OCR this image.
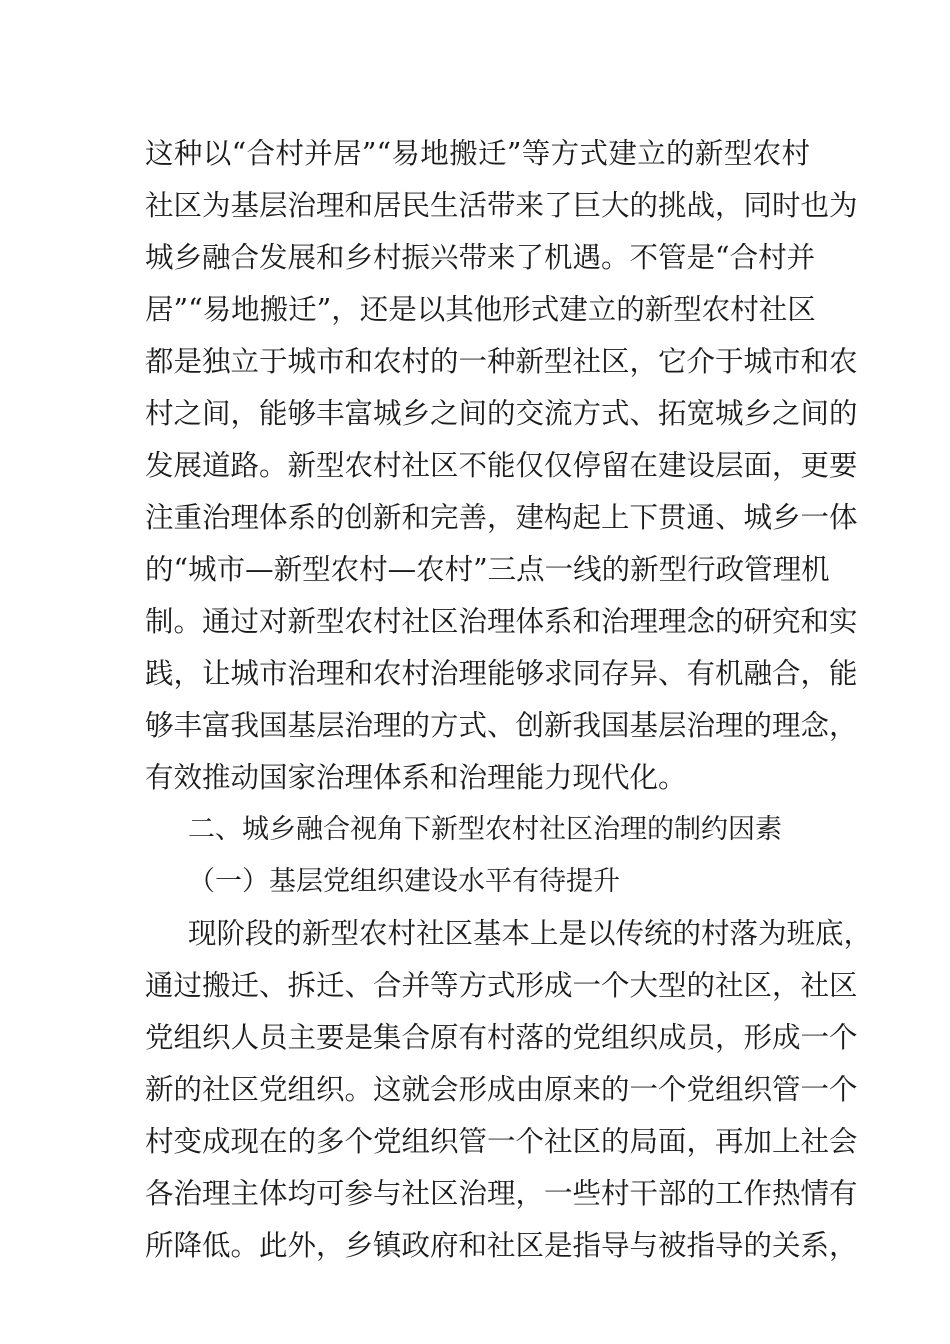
这种以“合村并居”“易地搬迁”等方式建立的新型农村
社区为基层治理和居民生活带来了巨大的挑战，同时也为
城乡融合发展和乡村振兴带来了机遇。不管是“合村并
居”“易地搬迁”，还是以其他形式建立的新型农村社区
都是独立于城市和农村的一种新型社区，它介于城市和农
村之间，能够丰富城乡之间的交流方式、拓宽城乡之间的
发展道路。新型农村社区不能仅仅停留在建设层面，更要
注重治理体系的创新和完善，建构起上下贯通、城乡一体
的“城市—新型农村—农村”三点一线的新型行政管理机
制。通过对新型农村社区治理体系和治理理念的研究和实
践，让城市治理和农村治理能够求同存异、有机融合，能
够丰富我国基层治理的方式、创新我国基层治理的理念，
有效推动国家治理体系和治理能力现代化。
二、城乡融合视角下新型农村社区治理的制约因素
（一）基层党组织建设水平有待提升
现阶段的新型农村社区基本上是以传统的村落为班底，
通过搬迁、拆迁、合并等方式形成一个大型的社区，社区
党组织人员主要是集合原有村落的党组织成员，形成一个
新的社区党组织。这就会形成由原来的一个党组织管一个
村变成现在的多个党组织管一个社区的局面，再加上社会
各治理主体均可参与社区治理，一些村干部的工作热情有
所降低。此外，乡镇政府和社区是指导与被指导的关系，
